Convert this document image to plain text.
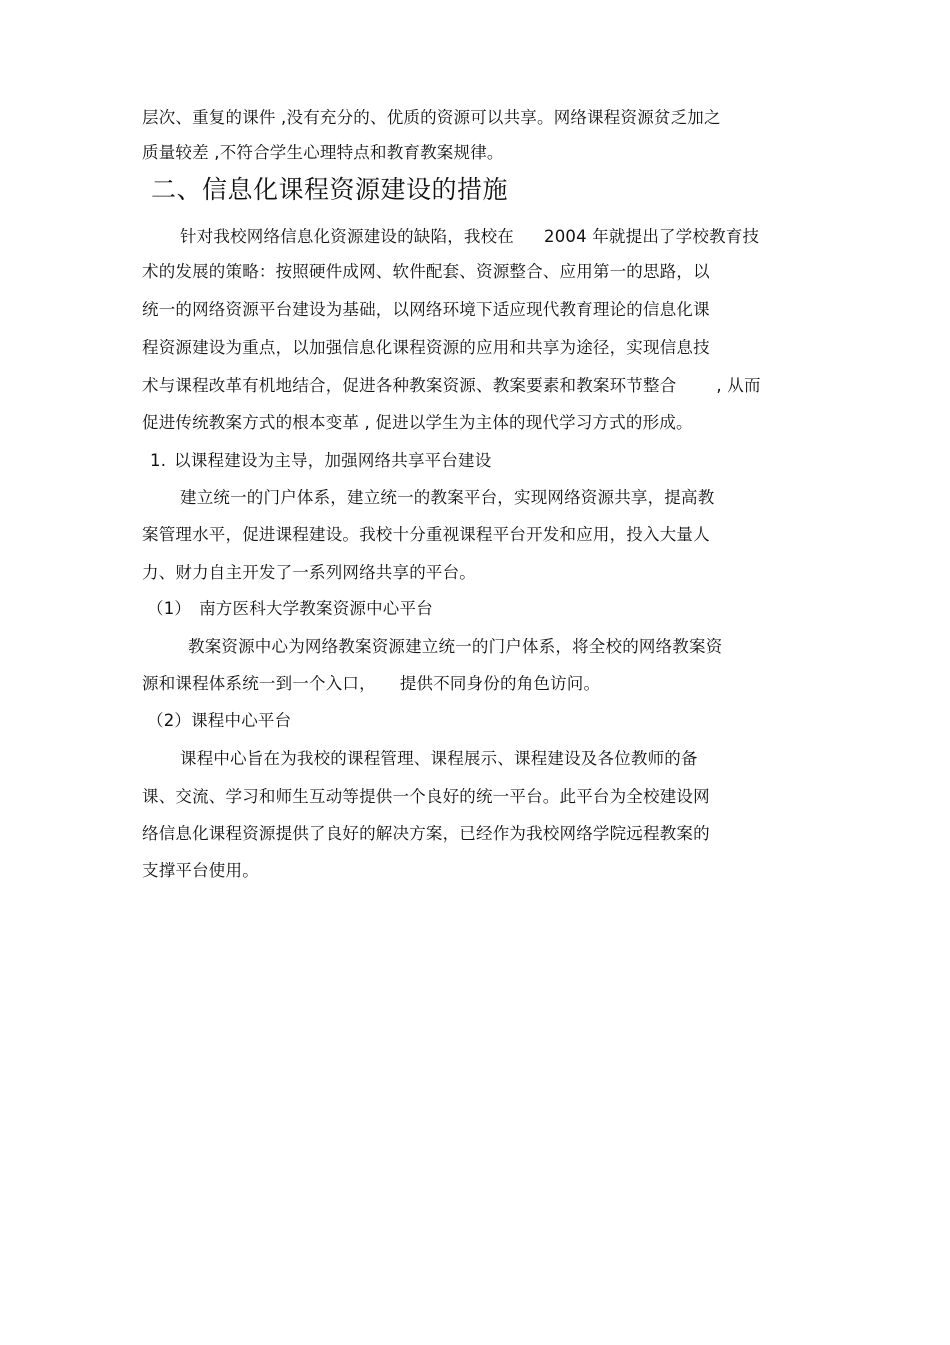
层次、重复的课件 ,没有充分的、优质的资源可以共享。网络课程资源贫乏加之
质量较差 ,不符合学生心理特点和教育教案规律。
二、信息化课程资源建设的措施
针对我校网络信息化资源建设的缺陷，我校在 2004 年就提出了学校教育技
术的发展的策略：按照硬件成网、软件配套、资源整合、应用第一的思路，以
统一的网络资源平台建设为基础，以网络环境下适应现代教育理论的信息化课
程资源建设为重点，以加强信息化课程资源的应用和共享为途径，实现信息技
术与课程改革有机地结合，促进各种教案资源、教案要素和教案环节整合 , 从而
促进传统教案方式的根本变革 , 促进以学生为主体的现代学习方式的形成。
1. 以课程建设为主导，加强网络共享平台建设
建立统一的门户体系，建立统一的教案平台，实现网络资源共享，提高教
案管理水平，促进课程建设。我校十分重视课程平台开发和应用，投入大量人
力、财力自主开发了一系列网络共享的平台。
（1） 南方医科大学教案资源中心平台
教案资源中心为网络教案资源建立统一的门户体系，将全校的网络教案资
源和课程体系统一到一个入口， 提供不同身份的角色访问。
（2）课程中心平台
课程中心旨在为我校的课程管理、课程展示、课程建设及各位教师的备
课、交流、学习和师生互动等提供一个良好的统一平台。此平台为全校建设网
络信息化课程资源提供了良好的解决方案，已经作为我校网络学院远程教案的
支撑平台使用。
